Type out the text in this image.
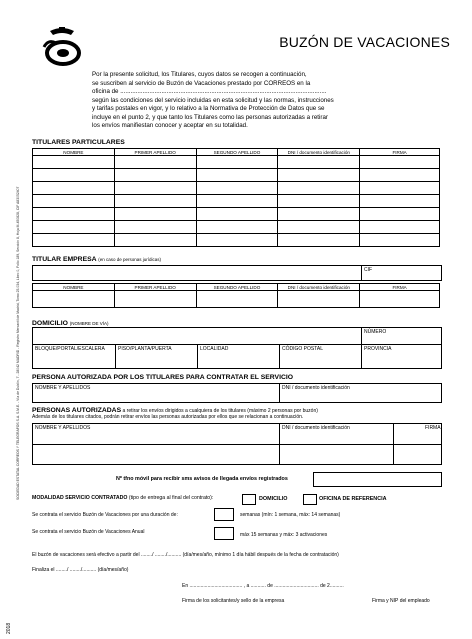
BUZÓN DE VACACIONES
SOCIEDAD ESTATAL CORREOS Y TELEGRAFOS S.A. S.M.E. - Vía de Dublín, 7 - 28042 MADRID - Registro Mercantil de Madrid, Tomo 25.034, Libro 0, Folio 189, Sección 8, Hoja M-450828, CIF A83052407
2018
Por la presente solicitud, los Titulares, cuyos datos se recogen a continuación,
se suscriben al servicio de Buzón de Vacaciones prestado por CORREOS en la
oficina de ........................................................................................................................
según las condiciones del servicio incluidas en esta solicitud y las normas, instrucciones
y tarifas postales en vigor, y lo relativo a la Normativa de Protección de Datos que se
incluye en el punto 2, y que tanto los Titulares como las personas autorizadas a retirar
los envíos manifiestan conocer y aceptar en su totalidad.
TITULARES PARTICULARES
NOMBRE	PRIMER APELLIDO	SEGUNDO APELLIDO	DNI / documento identificación	FIRMA

TITULAR EMPRESA (en caso de personas jurídicas)
CIF
NOMBRE	PRIMER APELLIDO	SEGUNDO APELLIDO	DNI / documento identificación	FIRMA

DOMICILIO (NOMBRE DE VÍA)
NÚMERO
BLOQUE/PORTAL/ESCALERA	PISO/PLANTA/PUERTA	LOCALIDAD	CÓDIGO POSTAL	PROVINCIA
PERSONA AUTORIZADA POR LOS TITULARES PARA CONTRATAR EL SERVICIO
NOMBRE Y APELLIDOS	DNI / documento identificación
PERSONAS AUTORIZADAS a retirar los envíos dirigidos a cualquiera de los titulares (máximo 2 personas por buzón)
Además de los titulares citados, podrán retirar envíos las personas autorizadas por ellos que se relacionan a continuación.
NOMBRE Y APELLIDOS	DNI / documento identificación	FIRMA
Nº tfno móvil para recibir sms avisos de llegada envíos registrados
MODALIDAD SERVICIO CONTRATADO (tipo de entrega al final del contrato):	DOMICILIO	OFICINA DE REFERENCIA
Se contrata el servicio Buzón de Vacaciones por una duración de:	semanas (mín: 1 semana, máx: 14 semanas)
Se contrata el servicio Buzón de Vacaciones Anual	máx 15 semanas y máx: 3 activaciones
El buzón de vacaciones será efectivo a partir del ......../ ......../.......... (día/mes/año, mínimo 1 día hábil después de la fecha de contratación)
Finaliza el ......../ ......../.......... (día/mes/año)
En ...................................... , a ........... de ................................ de 2..........
Firma de los solicitantes/y sello de la empresa	Firma y NIP del empleado
